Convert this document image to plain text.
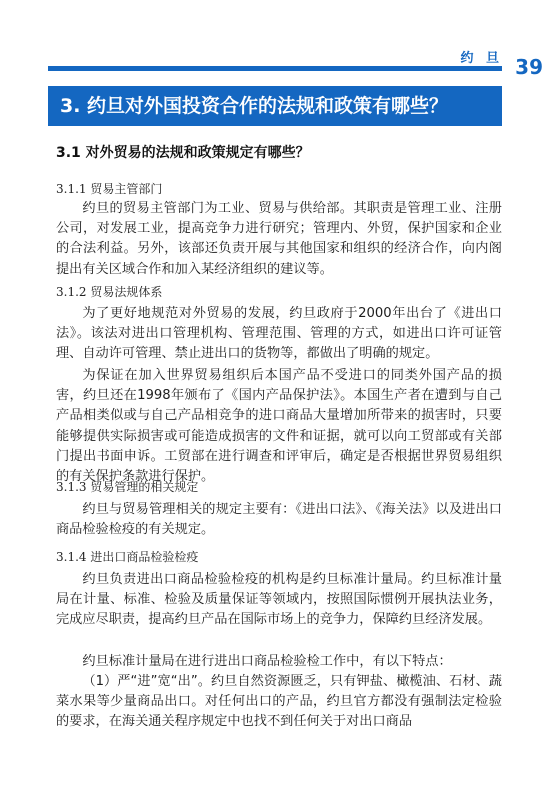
约 旦 39
3. 约旦对外国投资合作的法规和政策有哪些？
3.1 对外贸易的法规和政策规定有哪些？
3.1.1 贸易主管部门

约旦的贸易主管部门为工业、贸易与供给部。其职责是管理工业、注册公司，对发展工业，提高竞争力进行研究；管理内、外贸，保护国家和企业的合法利益。另外，该部还负责开展与其他国家和组织的经济合作，向内阁提出有关区域合作和加入某经济组织的建议等。

3.1.2 贸易法规体系

为了更好地规范对外贸易的发展，约旦政府于2000年出台了《进出口法》。该法对进出口管理机构、管理范围、管理的方式，如进出口许可证管理、自动许可管理、禁止进出口的货物等，都做出了明确的规定。

为保证在加入世界贸易组织后本国产品不受进口的同类外国产品的损害，约旦还在1998年颁布了《国内产品保护法》。本国生产者在遭到与自己产品相类似或与自己产品相竞争的进口商品大量增加所带来的损害时，只要能够提供实际损害或可能造成损害的文件和证据，就可以向工贸部或有关部门提出书面申诉。工贸部在进行调查和评审后，确定是否根据世界贸易组织的有关保护条款进行保护。

3.1.3 贸易管理的相关规定

约旦与贸易管理相关的规定主要有：《进出口法》、《海关法》以及进出口商品检验检疫的有关规定。

3.1.4 进出口商品检验检疫

约旦负责进出口商品检验检疫的机构是约旦标准计量局。约旦标准计量局在计量、标准、检验及质量保证等领域内，按照国际惯例开展执法业务，完成应尽职责，提高约旦产品在国际市场上的竞争力，保障约旦经济发展。

约旦标准计量局在进行进出口商品检验检工作中，有以下特点：

（1）严“进”宽“出”。约旦自然资源匮乏，只有钾盐、橄榄油、石材、蔬菜水果等少量商品出口。对任何出口的产品，约旦官方都没有强制法定检验的要求，在海关通关程序规定中也找不到任何关于对出口商品
